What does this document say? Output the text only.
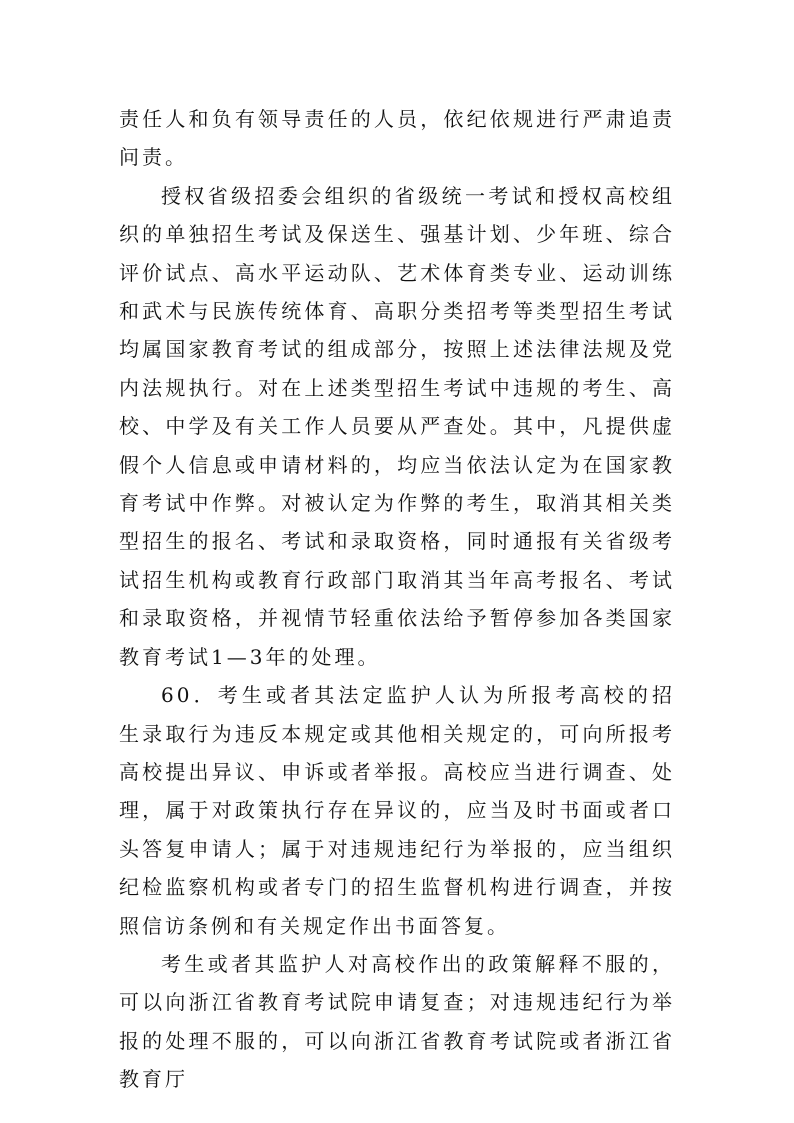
责任人和负有领导责任的人员，依纪依规进行严肃追责问责。

授权省级招委会组织的省级统一考试和授权高校组织的单独招生考试及保送生、强基计划、少年班、综合评价试点、高水平运动队、艺术体育类专业、运动训练和武术与民族传统体育、高职分类招考等类型招生考试均属国家教育考试的组成部分，按照上述法律法规及党内法规执行。对在上述类型招生考试中违规的考生、高校、中学及有关工作人员要从严查处。其中，凡提供虚假个人信息或申请材料的，均应当依法认定为在国家教育考试中作弊。对被认定为作弊的考生，取消其相关类型招生的报名、考试和录取资格，同时通报有关省级考试招生机构或教育行政部门取消其当年高考报名、考试和录取资格，并视情节轻重依法给予暂停参加各类国家教育考试1—3年的处理。

60．考生或者其法定监护人认为所报考高校的招生录取行为违反本规定或其他相关规定的，可向所报考高校提出异议、申诉或者举报。高校应当进行调查、处理，属于对政策执行存在异议的，应当及时书面或者口头答复申请人；属于对违规违纪行为举报的，应当组织纪检监察机构或者专门的招生监督机构进行调查，并按照信访条例和有关规定作出书面答复。

考生或者其监护人对高校作出的政策解释不服的，可以向浙江省教育考试院申请复查；对违规违纪行为举报的处理不服的，可以向浙江省教育考试院或者浙江省教育厅
